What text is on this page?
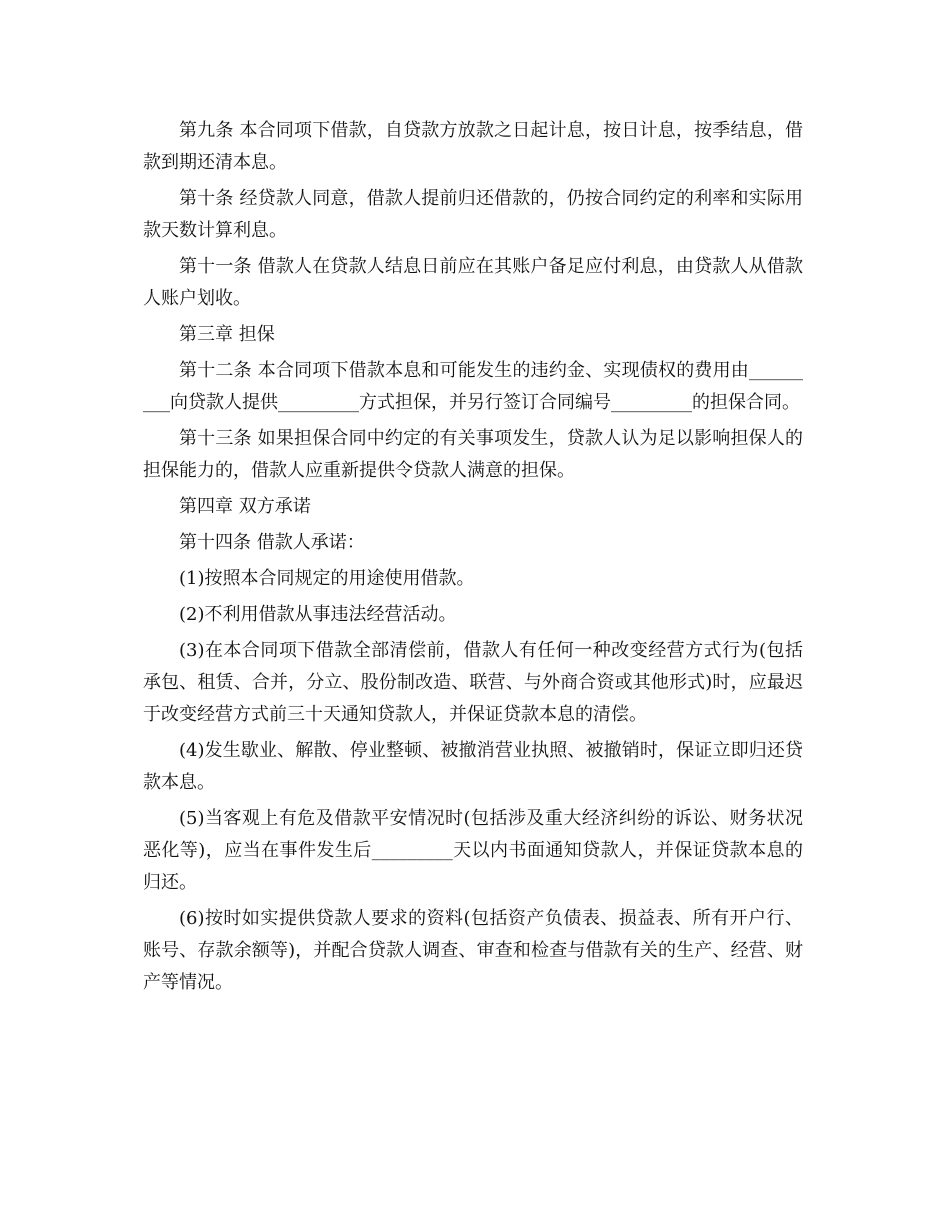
第九条 本合同项下借款，自贷款方放款之日起计息，按日计息，按季结息，借款到期还清本息。

第十条 经贷款人同意，借款人提前归还借款的，仍按合同约定的利率和实际用款天数计算利息。

第十一条 借款人在贷款人结息日前应在其账户备足应付利息，由贷款人从借款人账户划收。

第三章 担保

第十二条 本合同项下借款本息和可能发生的违约金、实现债权的费用由_________向贷款人提供_________方式担保，并另行签订合同编号_________的担保合同。

第十三条 如果担保合同中约定的有关事项发生，贷款人认为足以影响担保人的担保能力的，借款人应重新提供令贷款人满意的担保。

第四章 双方承诺

第十四条 借款人承诺：

(1)按照本合同规定的用途使用借款。

(2)不利用借款从事违法经营活动。

(3)在本合同项下借款全部清偿前，借款人有任何一种改变经营方式行为(包括承包、租赁、合并，分立、股份制改造、联营、与外商合资或其他形式)时，应最迟于改变经营方式前三十天通知贷款人，并保证贷款本息的清偿。

(4)发生歇业、解散、停业整顿、被撤消营业执照、被撤销时，保证立即归还贷款本息。

(5)当客观上有危及借款平安情况时(包括涉及重大经济纠纷的诉讼、财务状况恶化等)，应当在事件发生后_________天以内书面通知贷款人，并保证贷款本息的归还。

(6)按时如实提供贷款人要求的资料(包括资产负债表、损益表、所有开户行、账号、存款余额等)，并配合贷款人调查、审查和检查与借款有关的生产、经营、财产等情况。
